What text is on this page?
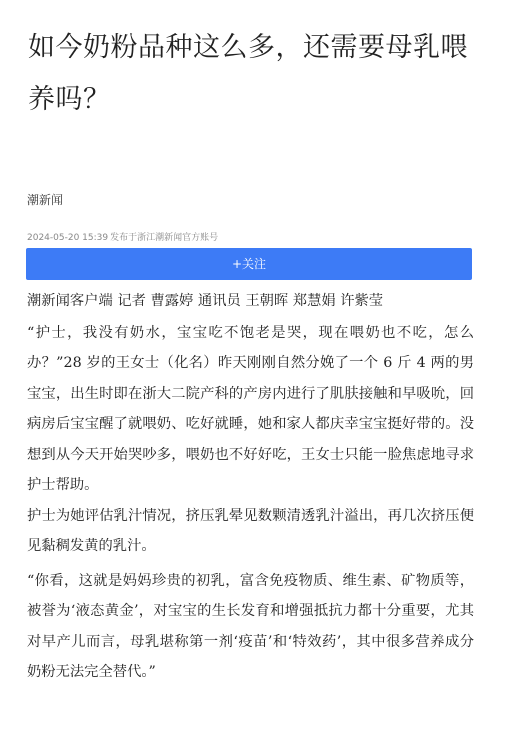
如今奶粉品种这么多，还需要母乳喂养吗？
潮新闻
2024-05-20 15:39 发布于浙江潮新闻官方账号
+关注

潮新闻客户端 记者 曹露婷 通讯员 王朝晖 郑慧娟 许紫莹

“护士，我没有奶水，宝宝吃不饱老是哭，现在喂奶也不吃，怎么办？”28 岁的王女士（化名）昨天刚刚自然分娩了一个 6 斤 4 两的男宝宝，出生时即在浙大二院产科的产房内进行了肌肤接触和早吸吮，回病房后宝宝醒了就喂奶、吃好就睡，她和家人都庆幸宝宝挺好带的。没想到从今天开始哭吵多，喂奶也不好好吃，王女士只能一脸焦虑地寻求护士帮助。

护士为她评估乳汁情况，挤压乳晕见数颗清透乳汁溢出，再几次挤压便见黏稠发黄的乳汁。

“你看，这就是妈妈珍贵的初乳，富含免疫物质、维生素、矿物质等，被誉为‘液态黄金’，对宝宝的生长发育和增强抵抗力都十分重要，尤其对早产儿而言，母乳堪称第一剂‘疫苗’和‘特效药’，其中很多营养成分奶粉无法完全替代。”
